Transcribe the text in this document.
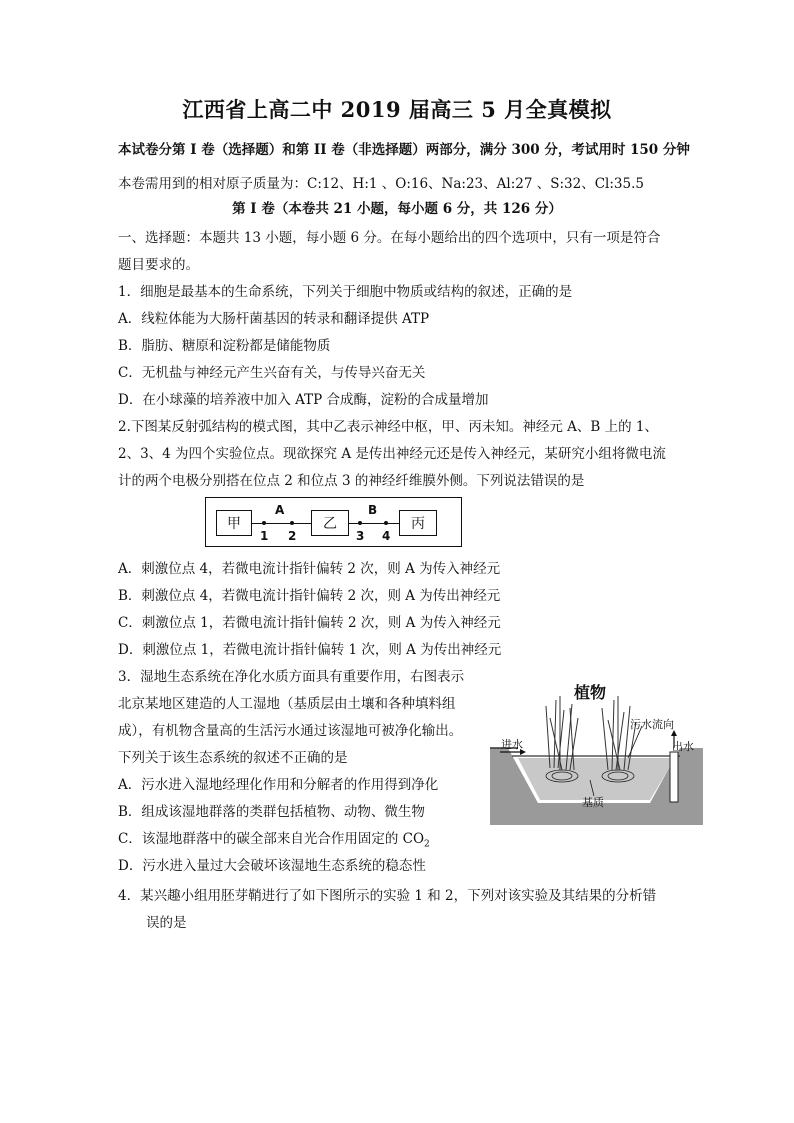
江西省上高二中 2019 届高三 5 月全真模拟
本试卷分第 I 卷（选择题）和第 II 卷（非选择题）两部分，满分 300 分，考试用时 150 分钟
本卷需用到的相对原子质量为：C:12、H:1 、O:16、Na:23、Al:27 、S:32、Cl:35.5
第 I 卷（本卷共 21 小题，每小题 6 分，共 126 分）
一、选择题：本题共 13 小题，每小题 6 分。在每小题给出的四个选项中，只有一项是符合
题目要求的。
1．细胞是最基本的生命系统，下列关于细胞中物质或结构的叙述，正确的是
A．线粒体能为大肠杆菌基因的转录和翻译提供 ATP
B．脂肪、糖原和淀粉都是储能物质
C．无机盐与神经元产生兴奋有关，与传导兴奋无关
D．在小球藻的培养液中加入 ATP 合成酶，淀粉的合成量增加
2.下图某反射弧结构的模式图，其中乙表示神经中枢，甲、丙未知。神经元 A、B 上的 1、
2、3、4 为四个实验位点。现欲探究 A 是传出神经元还是传入神经元，某研究小组将微电流
计的两个电极分别搭在位点 2 和位点 3 的神经纤维膜外侧。下列说法错误的是
甲
A
1 2
乙
B
3 4
丙
A．刺激位点 4，若微电流计指针偏转 2 次，则 A 为传入神经元
B．刺激位点 4，若微电流计指针偏转 2 次，则 A 为传出神经元
C．刺激位点 1，若微电流计指针偏转 2 次，则 A 为传入神经元
D．刺激位点 1，若微电流计指针偏转 1 次，则 A 为传出神经元
3．湿地生态系统在净化水质方面具有重要作用，右图表示
北京某地区建造的人工湿地（基质层由土壤和各种填料组
成），有机物含量高的生活污水通过该湿地可被净化输出。
下列关于该生态系统的叙述不正确的是
A．污水进入湿地经理化作用和分解者的作用得到净化
B．组成该湿地群落的类群包括植物、动物、微生物
C．该湿地群落中的碳全部来自光合作用固定的 $CO_2$
D．污水进入量过大会破坏该湿地生态系统的稳态性
植物
污水流向
进水	出水
基质
4．某兴趣小组用胚芽鞘进行了如下图所示的实验 1 和 2，下列对该实验及其结果的分析错
误的是
